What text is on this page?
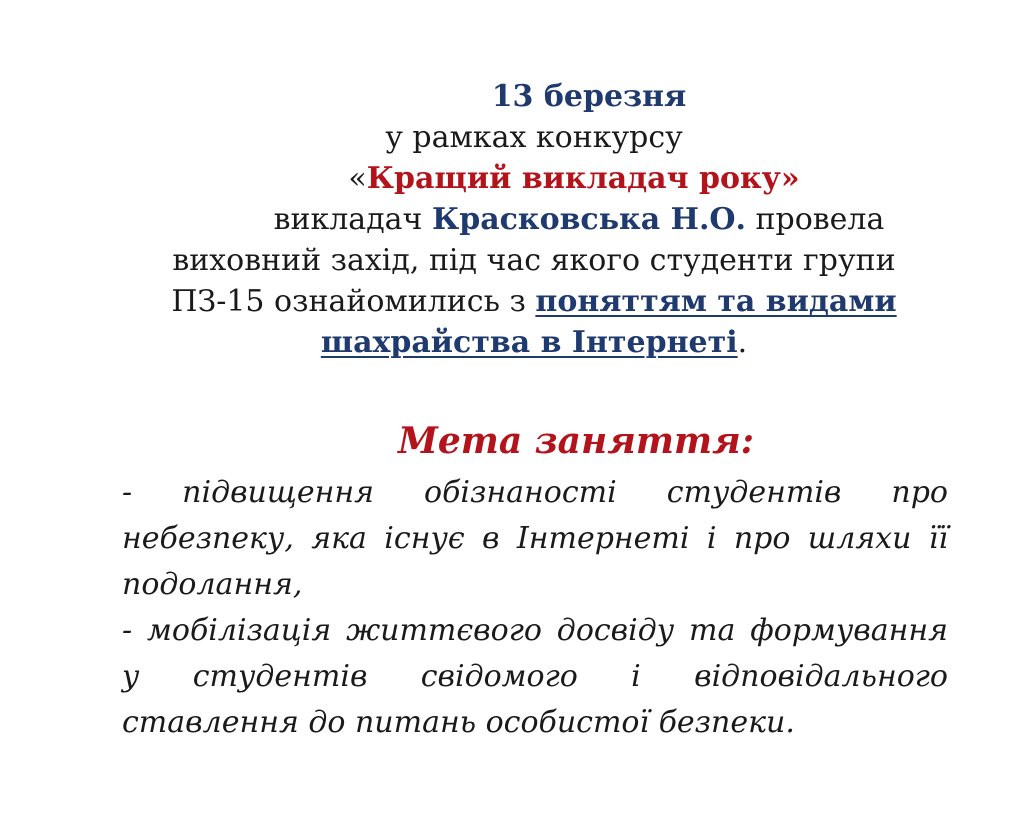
13 березня
у рамках конкурсу
«Кращий викладач року»
викладач Красковська Н.О. провела
виховний захід, під час якого студенти групи
ПЗ-15 ознайомились з поняттям та видами
шахрайства в Інтернеті.
Мета заняття:
- підвищення обізнаності студентів про небезпеку, яка існує в Інтернеті і про шляхи її подолання,
- мобілізація життєвого досвіду та формування у студентів свідомого і відповідального ставлення до питань особистої безпеки.
